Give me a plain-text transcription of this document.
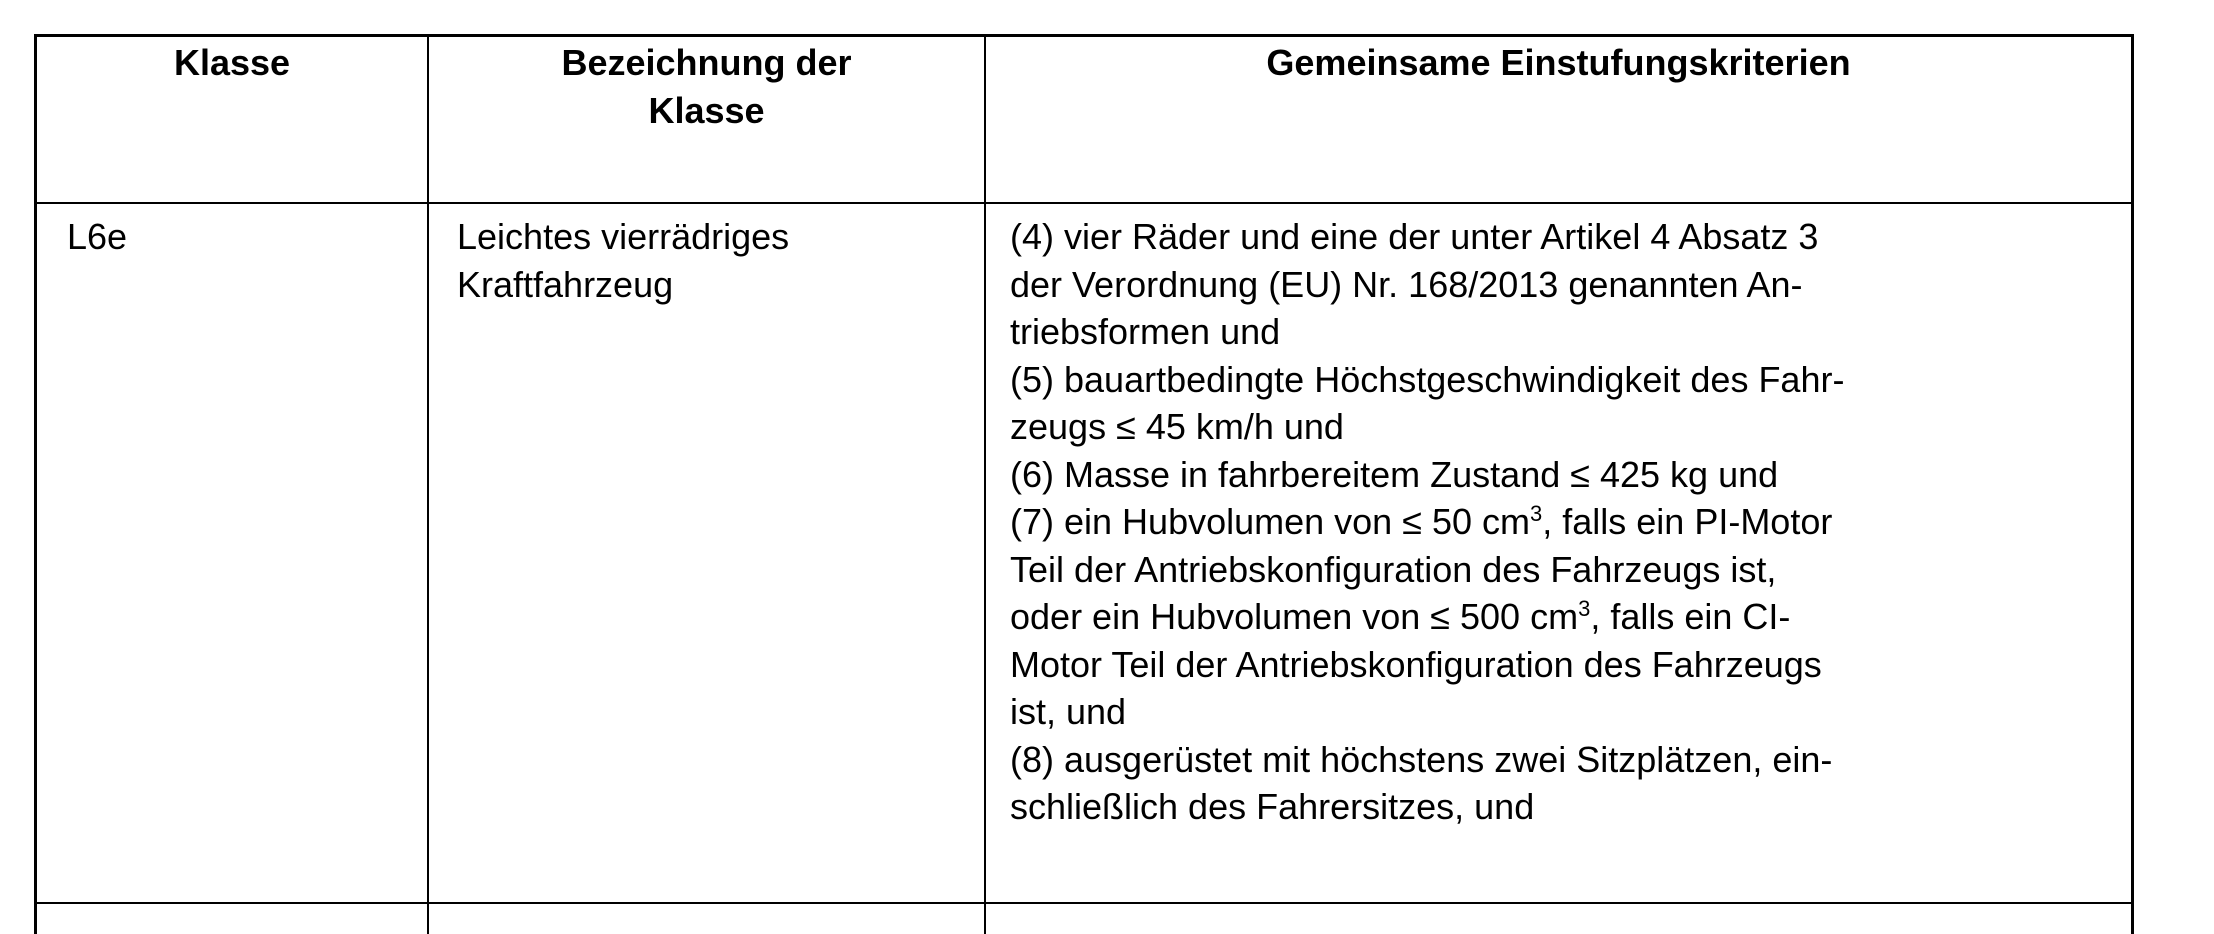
Klasse	Bezeichnung der
Klasse
Gemeinsame Einstufungskriterien
L6e	Leichtes vierrädriges
Kraftfahrzeug
(4) vier Räder und eine der unter Artikel 4 Absatz 3
der Verordnung (EU) Nr. 168/2013 genannten An-
triebsformen und
(5) bauartbedingte Höchstgeschwindigkeit des Fahr-
zeugs ≤ 45 km/h und
(6) Masse in fahrbereitem Zustand ≤ 425 kg und
(7) ein Hubvolumen von ≤ 50 $cm^3$, falls ein PI-Motor
Teil der Antriebskonfiguration des Fahrzeugs ist,
oder ein Hubvolumen von ≤ 500 $cm^3$, falls ein CI-
Motor Teil der Antriebskonfiguration des Fahrzeugs
ist, und
(8) ausgerüstet mit höchstens zwei Sitzplätzen, ein-
schließlich des Fahrersitzes, und
